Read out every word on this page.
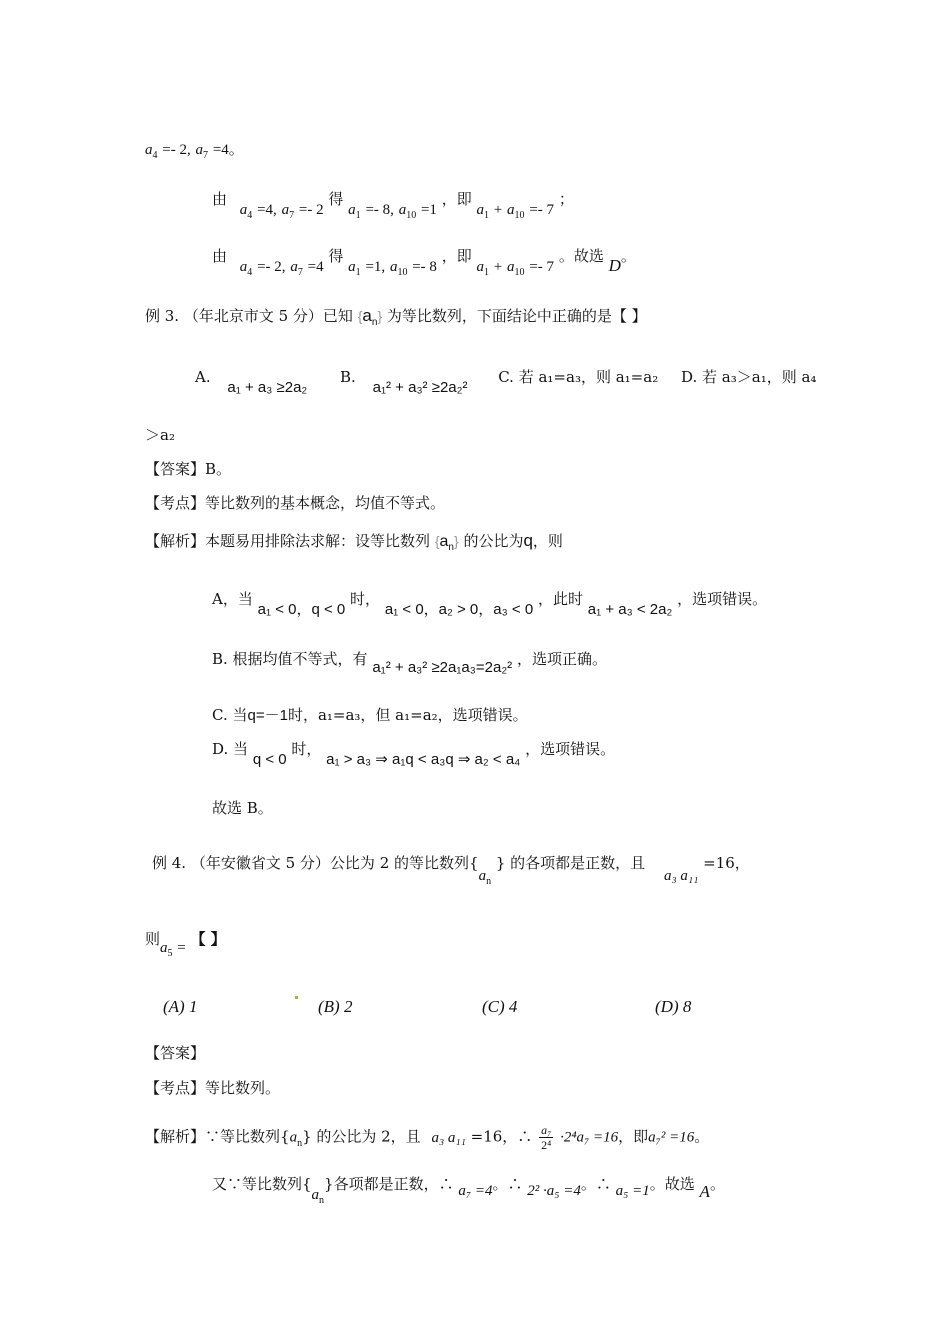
$a_4 =- 2$, $a_7 =4$。
由 $a_4 =4$, $a_7 =- 2$ 得 $a_1 =- 8$, $a_{10} =1$ ，即 $a_1 + a_{10} =- 7$ ；
由 $a_4 =- 2$, $a_7 =4$ 得 $a_1 =1$, $a_{10} =- 8$ ，即 $a_1 + a_{10} =- 7$ 。故选 D。
例 3. （年北京市文 5 分）已知 $\{a_n\}$ 为等比数列，下面结论中正确的是【 】
A. a₁ + a₃ ≥2a₂ B. a₁² + a₃² ≥2a₂² C. 若 a₁=a₃，则 a₁=a₂ D. 若 a₃＞a₁，则 a₄
＞a₂
【答案】B。
【考点】等比数列的基本概念，均值不等式。
【解析】本题易用排除法求解：设等比数列 $\{a_n\}$ 的公比为q，则
A，当 a₁ < 0，q < 0 时， a₁ < 0，a₂ > 0，a₃ < 0 ，此时 a₁ + a₃ < 2a₂ ，选项错误。
B. 根据均值不等式，有 a₁² + a₃² ≥2a₁a₃=2a₂² ，选项正确。
C. 当q=－1时，a₁=a₃，但 a₁=a₂，选项错误。
D. 当 q < 0 时， a₁ > a₃ ⇒ a₁q < a₃q ⇒ a₂ < a₄ ，选项错误。
故选 B。
例 4. （年安徽省文 5 分）公比为 2 的等比数列{$a_n$ } 的各项都是正数，且 a₃ a₁₁ =16，
则$a_5$ = 【 】
(A) 1	(B) 2	(C) 4	(D) 8
【答案】
【考点】等比数列。
【解析】∵等比数列$\{a_n\}$ 的公比为 2，且 a₃ a₁₁ =16，∴ $\frac{\text{a₇}}{\text{2⁴}} \cdot 2^4a_7 =16$，即a₇² =16。
又∵等比数列$\{a_n\}$各项都是正数，∴ a₇ =4。∴ 2² ·a₅ =4。∴ a₅ =1。故选 A。
